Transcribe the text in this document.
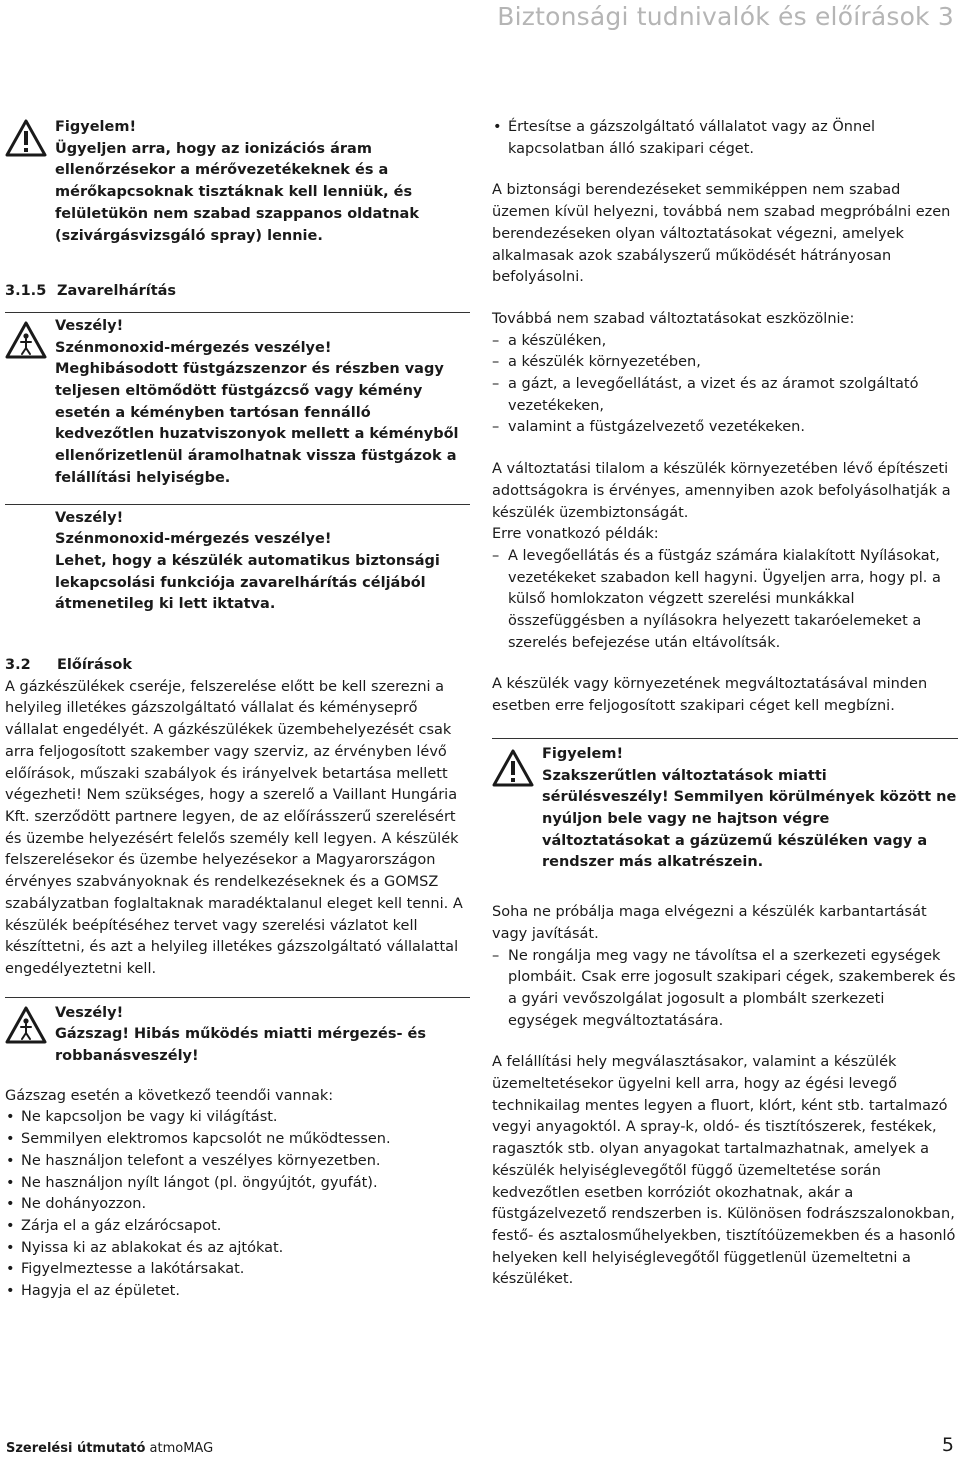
Biztonsági tudnivalók és előírások 3

Figyelem!

Ügyeljen arra, hogy az ionizációs áram ellenőrzésekor a mérővezetékeknek és a mérőkapcsoknak tisztáknak kell lenniük, és felületükön nem szabad szappanos oldatnak (szivárgásvizsgáló spray) lennie.

3.1.5 Zavarelhárítás

Veszély!

Szénmonoxid-mérgezés veszélye!

Meghibásodott füstgázszenzor és részben vagy teljesen eltömődött füstgázcső vagy kémény esetén a kéményben tartósan fennálló kedvezőtlen huzatviszonyok mellett a kéményből ellenőrizetlenül áramolhatnak vissza füstgázok a felállítási helyiségbe.

Veszély!

Szénmonoxid-mérgezés veszélye!

Lehet, hogy a készülék automatikus biztonsági lekapcsolási funkciója zavarelhárítás céljából átmenetileg ki lett iktatva.

3.2 Előírások

A gázkészülékek cseréje, felszerelése előtt be kell szerezni a helyileg illetékes gázszolgáltató vállalat és kéményseprő vállalat engedélyét. A gázkészülékek üzembehelyezését csak arra feljogosított szakember vagy szerviz, az érvényben lévő előírások, műszaki szabályok és irányelvek betartása mellett végezheti! Nem szükséges, hogy a szerelő a Vaillant Hungária Kft. szerződött partnere legyen, de az előírásszerű szerelésért és üzembe helyezésért felelős személy kell legyen. A készülék felszerelésekor és üzembe helyezésekor a Magyarországon érvényes szabványoknak és rendelkezéseknek és a GOMSZ szabályzatban foglaltaknak maradéktalanul eleget kell tenni. A készülék beépítéséhez tervet vagy szerelési vázlatot kell készíttetni, és azt a helyileg illetékes gázszolgáltató vállalattal engedélyeztetni kell.

Veszély!

Gázszag! Hibás működés miatti mérgezés- és robbanásveszély!

Gázszag esetén a következő teendői vannak:

• Ne kapcsoljon be vagy ki világítást.
• Semmilyen elektromos kapcsolót ne működtessen.
• Ne használjon telefont a veszélyes környezetben.
• Ne használjon nyílt lángot (pl. öngyújtót, gyufát).
• Ne dohányozzon.
• Zárja el a gáz elzárócsapot.
• Nyissa ki az ablakokat és az ajtókat.
• Figyelmeztesse a lakótársakat.
• Hagyja el az épületet.
• Értesítse a gázszolgáltató vállalatot vagy az Önnel kapcsolatban álló szakipari céget.

A biztonsági berendezéseket semmiképpen nem szabad üzemen kívül helyezni, továbbá nem szabad megpróbálni ezen berendezéseken olyan változtatásokat végezni, amelyek alkalmasak azok szabályszerű működését hátrányosan befolyásolni.

Továbbá nem szabad változtatásokat eszközölnie:

– a készüléken,
– a készülék környezetében,
– a gázt, a levegőellátást, a vizet és az áramot szolgáltató vezetékeken,
– valamint a füstgázelvezető vezetékeken.

A változtatási tilalom a készülék környezetében lévő építészeti adottságokra is érvényes, amennyiben azok befolyásolhatják a készülék üzembiztonságát.

Erre vonatkozó példák:

– A levegőellátás és a füstgáz számára kialakított Nyílásokat, vezetékeket szabadon kell hagyni. Ügyeljen arra, hogy pl. a külső homlokzaton végzett szerelési munkákkal összefüggésben a nyílásokra helyezett takaróelemeket a szerelés befejezése után eltávolítsák.

A készülék vagy környezetének megváltoztatásával minden esetben erre feljogosított szakipari céget kell megbízni.

Figyelem!

Szakszerűtlen változtatások miatti sérülésveszély! Semmilyen körülmények között ne nyúljon bele vagy ne hajtson végre változtatásokat a gázüzemű készüléken vagy a rendszer más alkatrészein.

Soha ne próbálja maga elvégezni a készülék karbantartását vagy javítását.

– Ne rongálja meg vagy ne távolítsa el a szerkezeti egységek plombáit. Csak erre jogosult szakipari cégek, szakemberek és a gyári vevőszolgálat jogosult a plombált szerkezeti egységek megváltoztatására.

A felállítási hely megválasztásakor, valamint a készülék üzemeltetésekor ügyelni kell arra, hogy az égési levegő technikailag mentes legyen a fluort, klórt, ként stb. tartalmazó vegyi anyagoktól. A spray-k, oldó- és tisztítószerek, festékek, ragasztók stb. olyan anyagokat tartalmazhatnak, amelyek a készülék helyiséglevegőtől függő üzemeltetése során kedvezőtlen esetben korróziót okozhatnak, akár a füstgázelvezető rendszerben is. Különösen fodrászszalonokban, festő- és asztalosműhelyekben, tisztítóüzemekben és a hasonló helyeken kell helyiséglevegőtől függetlenül üzemeltetni a készüléket.

Szerelési útmutató atmoMAG	5
